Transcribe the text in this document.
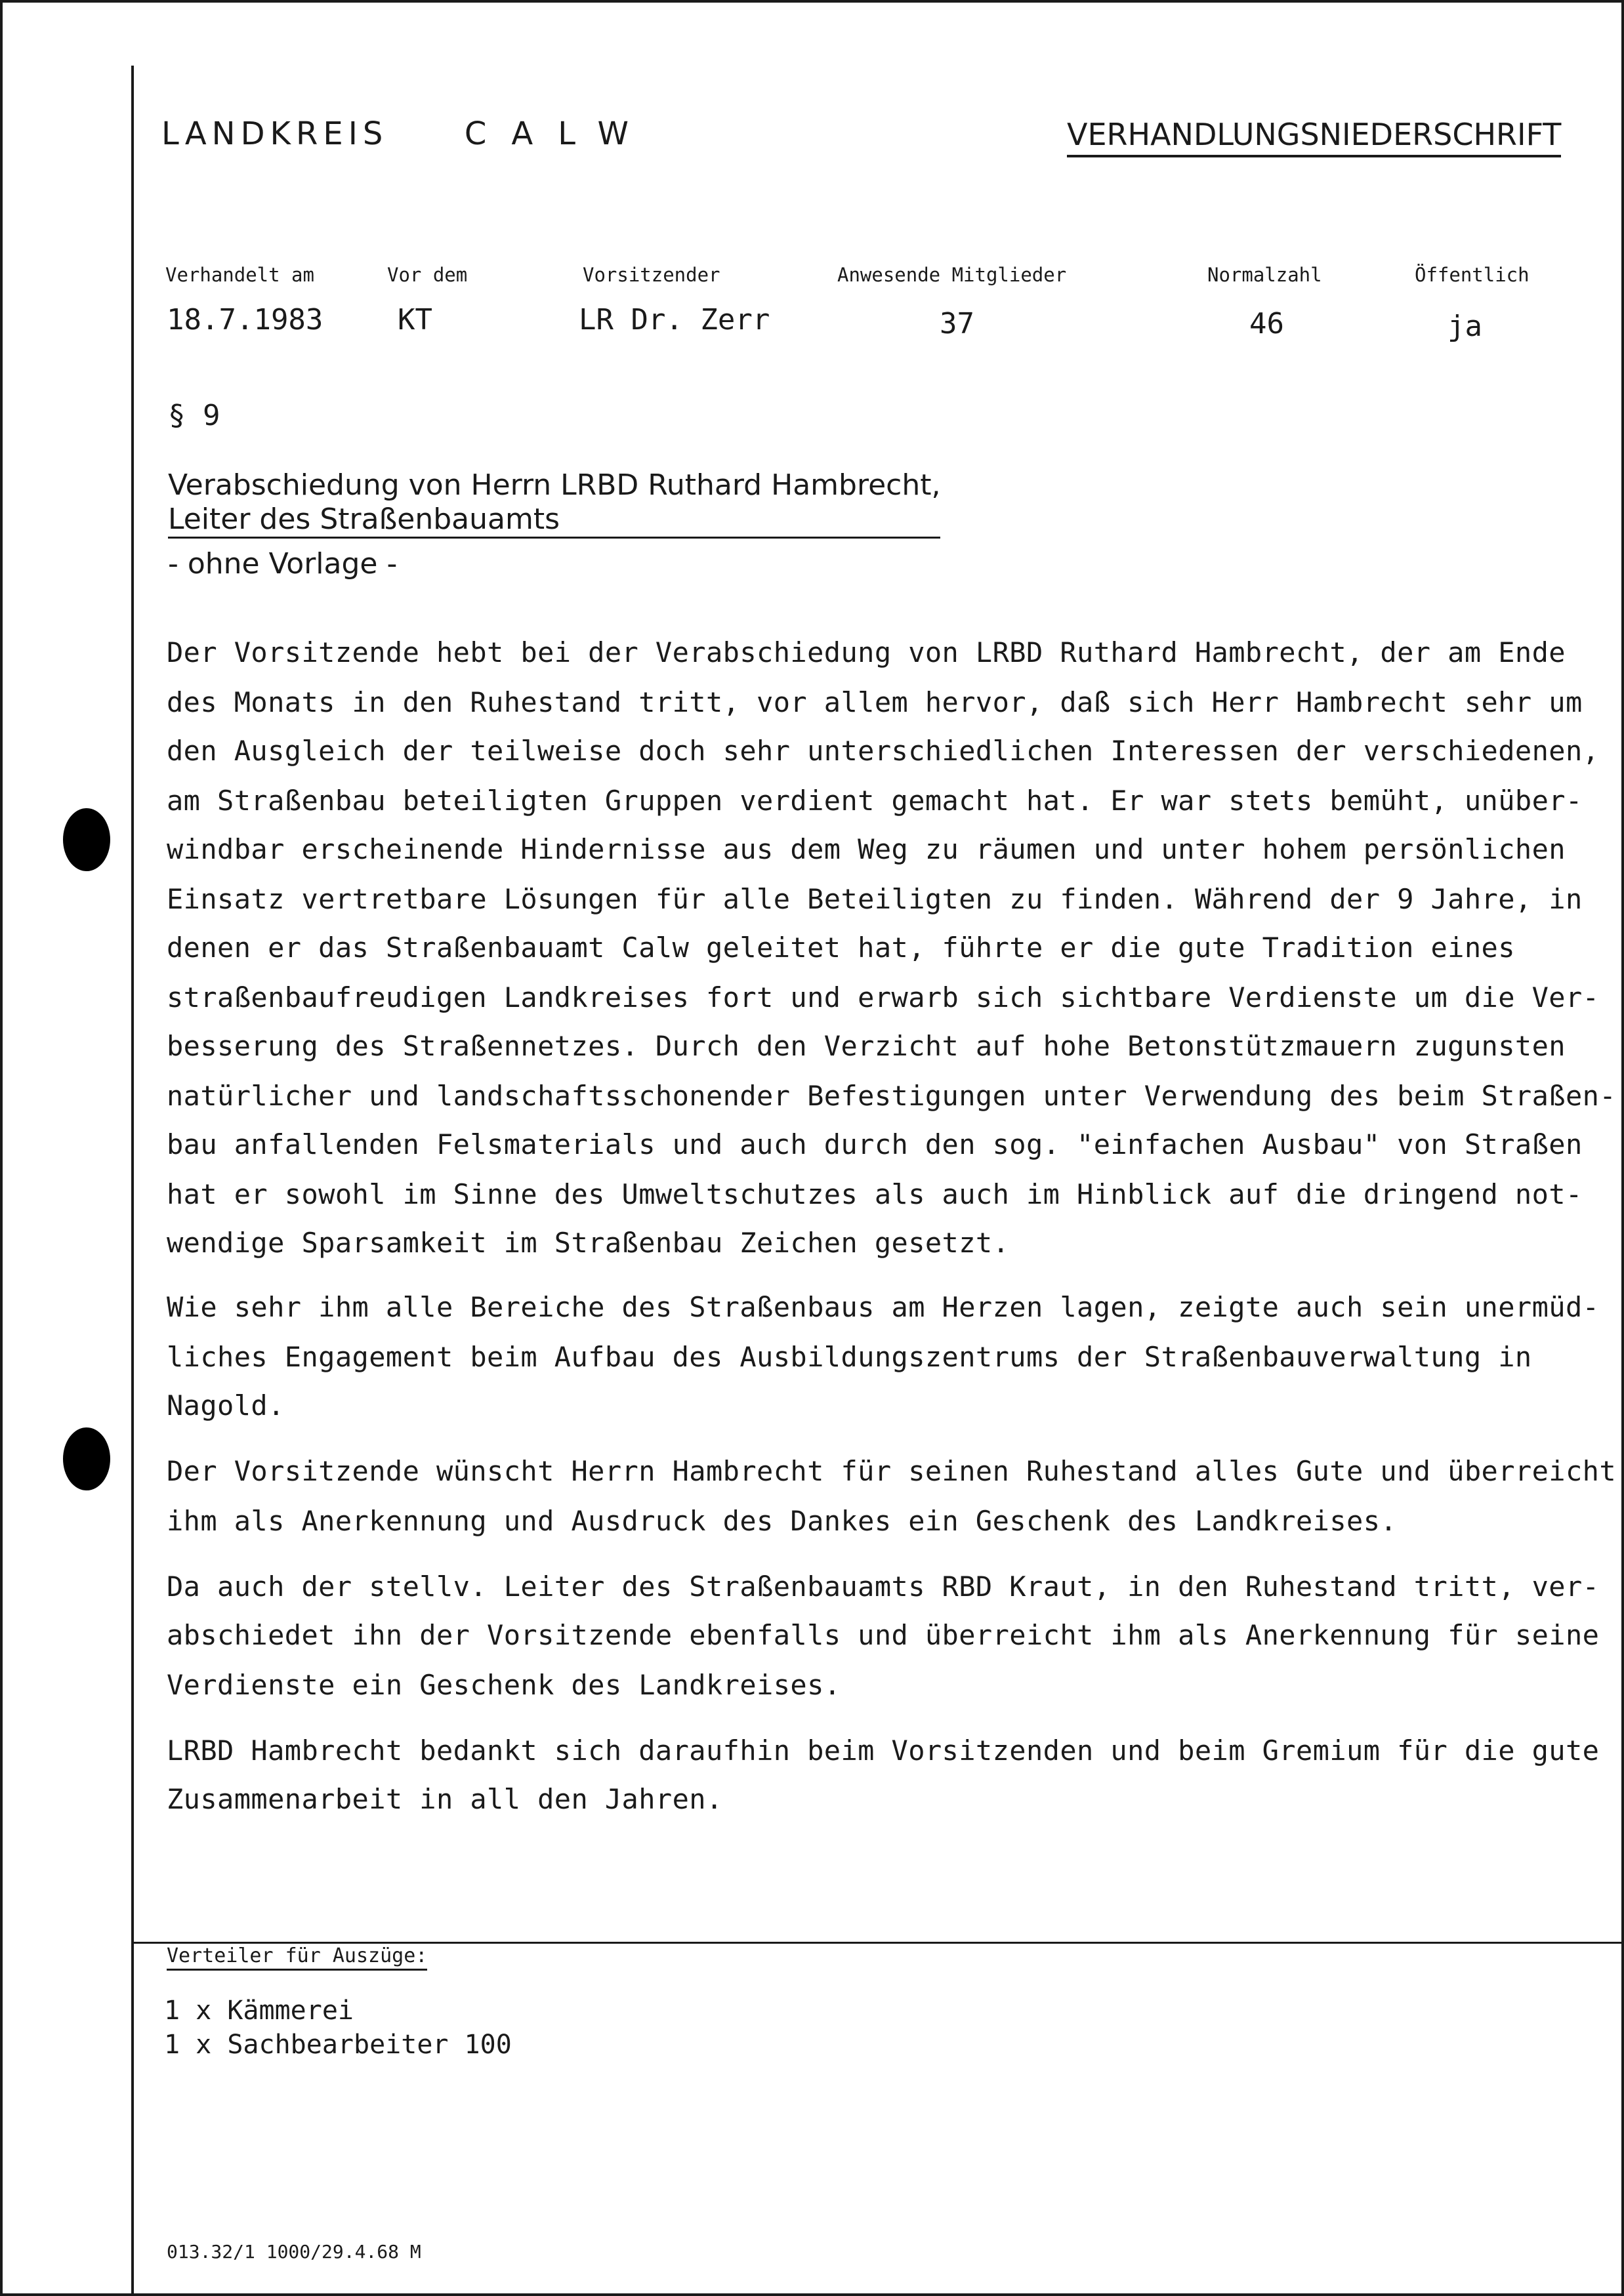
LANDKREIS CALW	VERHANDLUNGSNIEDERSCHRIFT
Verhandelt am	Vor dem	Vorsitzender	Anwesende Mitglieder	Normalzahl	Öffentlich
18.7.1983	KT	LR Dr. Zerr	37	46	ja
§ 9
Verabschiedung von Herrn LRBD Ruthard Hambrecht,
Leiter des Straßenbauamts
- ohne Vorlage -
Der Vorsitzende hebt bei der Verabschiedung von LRBD Ruthard Hambrecht, der am Ende
des Monats in den Ruhestand tritt, vor allem hervor, daß sich Herr Hambrecht sehr um
den Ausgleich der teilweise doch sehr unterschiedlichen Interessen der verschiedenen,
am Straßenbau beteiligten Gruppen verdient gemacht hat. Er war stets bemüht, unüber-
windbar erscheinende Hindernisse aus dem Weg zu räumen und unter hohem persönlichen
Einsatz vertretbare Lösungen für alle Beteiligten zu finden. Während der 9 Jahre, in
denen er das Straßenbauamt Calw geleitet hat, führte er die gute Tradition eines
straßenbaufreudigen Landkreises fort und erwarb sich sichtbare Verdienste um die Ver-
besserung des Straßennetzes. Durch den Verzicht auf hohe Betonstützmauern zugunsten
natürlicher und landschaftsschonender Befestigungen unter Verwendung des beim Straßen-
bau anfallenden Felsmaterials und auch durch den sog. "einfachen Ausbau" von Straßen
hat er sowohl im Sinne des Umweltschutzes als auch im Hinblick auf die dringend not-
wendige Sparsamkeit im Straßenbau Zeichen gesetzt.
Wie sehr ihm alle Bereiche des Straßenbaus am Herzen lagen, zeigte auch sein unermüd-
liches Engagement beim Aufbau des Ausbildungszentrums der Straßenbauverwaltung in
Nagold.
Der Vorsitzende wünscht Herrn Hambrecht für seinen Ruhestand alles Gute und überreicht
ihm als Anerkennung und Ausdruck des Dankes ein Geschenk des Landkreises.
Da auch der stellv. Leiter des Straßenbauamts RBD Kraut, in den Ruhestand tritt, ver-
abschiedet ihn der Vorsitzende ebenfalls und überreicht ihm als Anerkennung für seine
Verdienste ein Geschenk des Landkreises.
LRBD Hambrecht bedankt sich daraufhin beim Vorsitzenden und beim Gremium für die gute
Zusammenarbeit in all den Jahren.
Verteiler für Auszüge:
1 x Kämmerei
1 x Sachbearbeiter 100
013.32/1 1000/29.4.68 M
